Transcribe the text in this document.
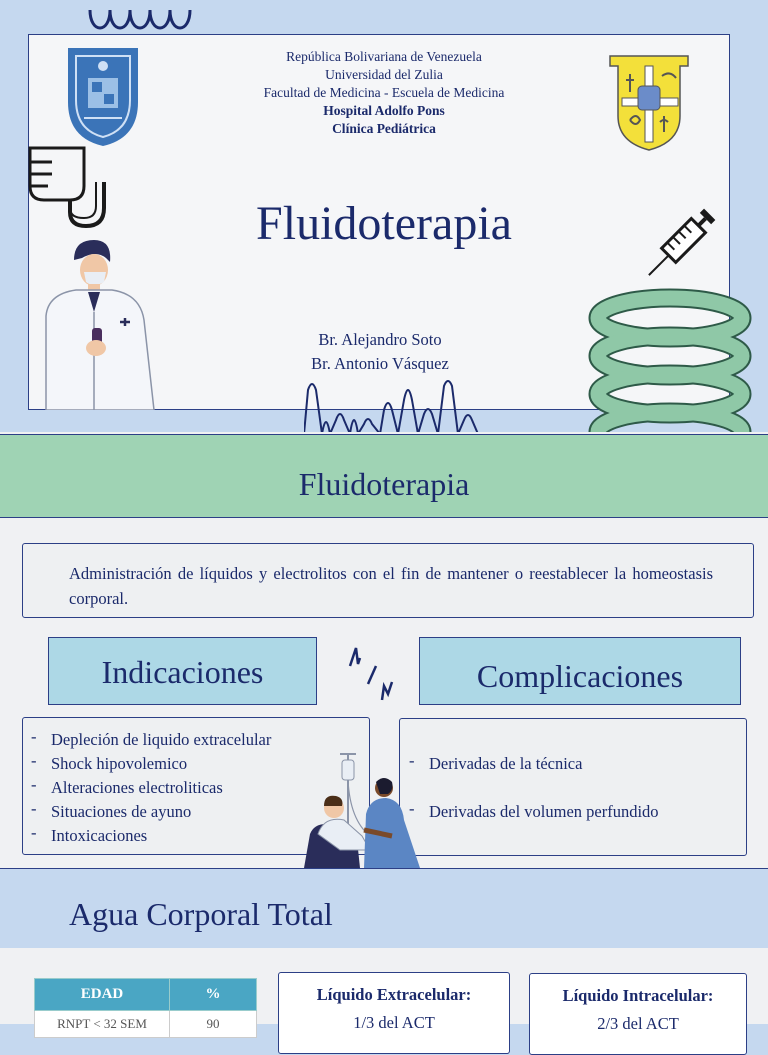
República Bolivariana de Venezuela
Universidad del Zulia
Facultad de Medicina - Escuela de Medicina
Hospital Adolfo Pons
Clínica Pediátrica
Fluidoterapia
Br. Alejandro Soto
Br. Antonio Vásquez
Fluidoterapia
Administración de líquidos y electrolitos con el fin de mantener o reestablecer la homeostasis corporal.
Indicaciones	Complicaciones
- Depleción de liquido extracelular
- Shock hipovolemico
- Alteraciones electroliticas
- Situaciones de ayuno
- Intoxicaciones
- Derivadas de la técnica
- Derivadas del volumen perfundido
Agua Corporal Total
EDAD	%
RNPT < 32 SEM	90
Líquido Extracelular:
1/3 del ACT
Líquido Intracelular:
2/3 del ACT
